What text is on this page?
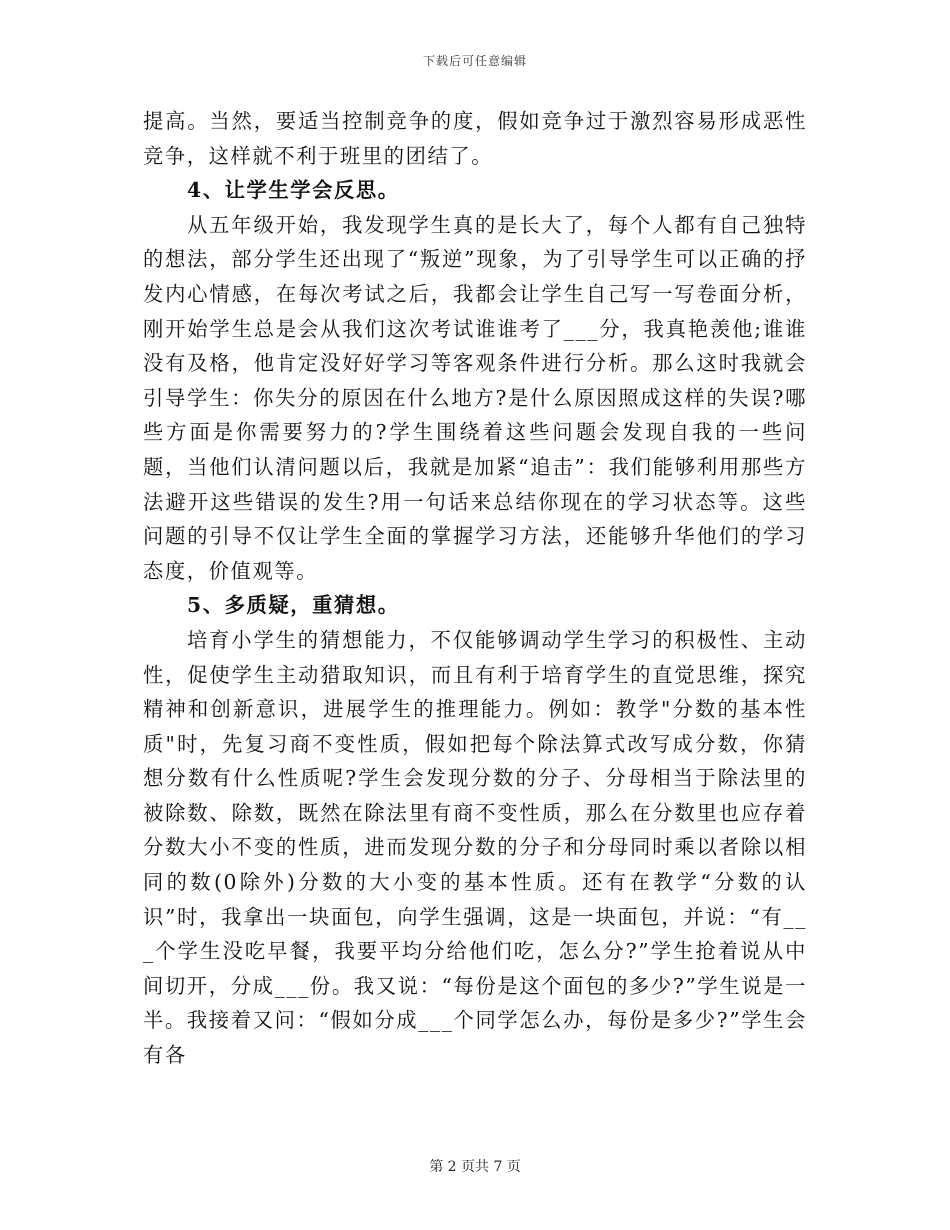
下载后可任意编辑

提高。当然，要适当控制竞争的度，假如竞争过于激烈容易形成恶性竞争，这样就不利于班里的团结了。

4、让学生学会反思。

从五年级开始，我发现学生真的是长大了，每个人都有自己独特的想法，部分学生还出现了“叛逆”现象，为了引导学生可以正确的抒发内心情感，在每次考试之后，我都会让学生自己写一写卷面分析，刚开始学生总是会从我们这次考试谁谁考了___分，我真艳羡他;谁谁没有及格，他肯定没好好学习等客观条件进行分析。那么这时我就会引导学生：你失分的原因在什么地方?是什么原因照成这样的失误?哪些方面是你需要努力的?学生围绕着这些问题会发现自我的一些问题，当他们认清问题以后，我就是加紧“追击”：我们能够利用那些方法避开这些错误的发生?用一句话来总结你现在的学习状态等。这些问题的引导不仅让学生全面的掌握学习方法，还能够升华他们的学习态度，价值观等。

5、多质疑，重猜想。

培育小学生的猜想能力，不仅能够调动学生学习的积极性、主动性，促使学生主动猎取知识，而且有利于培育学生的直觉思维，探究精神和创新意识，进展学生的推理能力。例如：教学"分数的基本性质"时，先复习商不变性质，假如把每个除法算式改写成分数，你猜想分数有什么性质呢?学生会发现分数的分子、分母相当于除法里的被除数、除数，既然在除法里有商不变性质，那么在分数里也应存着分数大小不变的性质，进而发现分数的分子和分母同时乘以者除以相同的数(0除外)分数的大小变的基本性质。还有在教学“分数的认识”时，我拿出一块面包，向学生强调，这是一块面包，并说：“有___个学生没吃早餐，我要平均分给他们吃，怎么分?”学生抢着说从中间切开，分成___份。我又说：“每份是这个面包的多少?”学生说是一半。我接着又问：“假如分成___个同学怎么办，每份是多少?”学生会有各

第 2 页共 7 页
